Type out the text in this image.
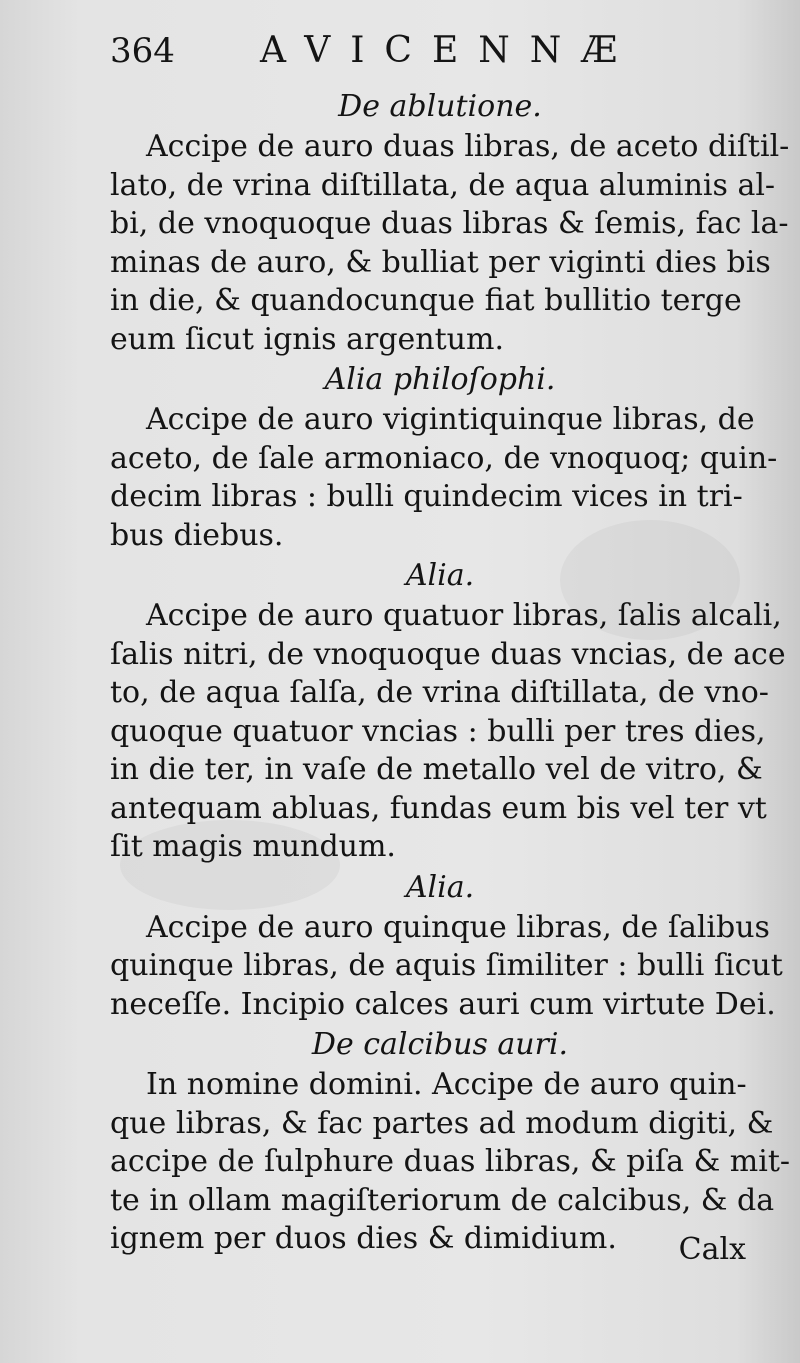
364	AVICENNÆ
De ablutione.
Accipe de auro duas libras, de aceto diſtil-
lato, de vrina diſtillata, de aqua aluminis al-
bi, de vnoquoque duas libras & ſemis, fac la-
minas de auro, & bulliat per viginti dies bis
in die, & quandocunque fiat bullitio terge
eum ſicut ignis argentum.
Alia philoſophi.
Accipe de auro vigintiquinque libras, de
aceto, de ſale armoniaco, de vnoquoq; quin-
decim libras : bulli quindecim vices in tri-
bus diebus.
Alia.
Accipe de auro quatuor libras, ſalis alcali,
ſalis nitri, de vnoquoque duas vncias, de ace
to, de aqua ſalſa, de vrina diſtillata, de vno-
quoque quatuor vncias : bulli per tres dies,
in die ter, in vaſe de metallo vel de vitro, &
antequam abluas, fundas eum bis vel ter vt
ſit magis mundum.
Alia.
Accipe de auro quinque libras, de ſalibus
quinque libras, de aquis ſimiliter : bulli ſicut
neceſſe. Incipio calces auri cum virtute Dei.
De calcibus auri.
In nomine domini. Accipe de auro quin-
que libras, & fac partes ad modum digiti, &
accipe de ſulphure duas libras, & piſa & mit-
te in ollam magiſteriorum de calcibus, & da
ignem per duos dies & dimidium.	Calx
